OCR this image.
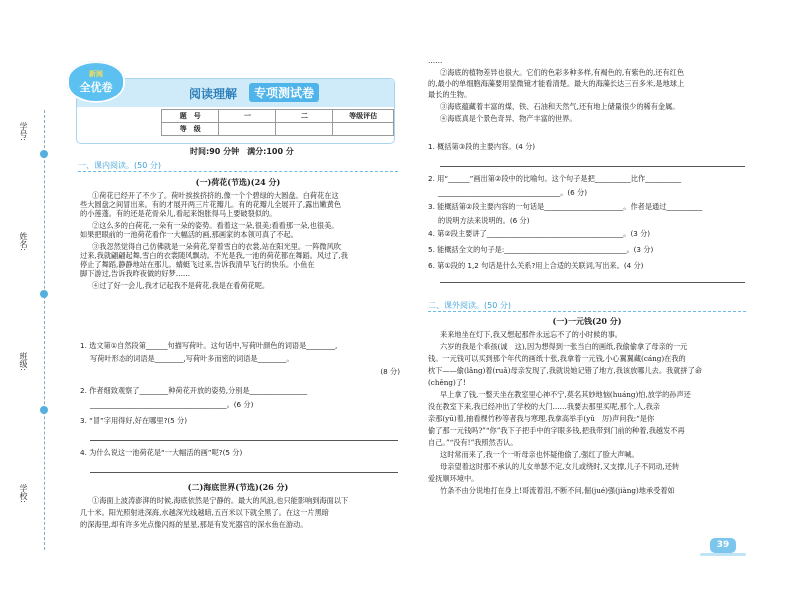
学号:
姓名:
班级:
学校:
新阅
全优卷	阅读理解	专项测试卷
题　号	一	二	等级评估
等　级			
时间:90 分钟　满分:100 分
一、课内阅读。(50 分)
(一)荷花(节选)(24 分)
①荷花已经开了不少了。荷叶挨挨挤挤的,像一个个碧绿的大圆盘。白荷花在这
些大圆盘之间冒出来。有的才展开两三片花瓣儿。有的花瓣儿全展开了,露出嫩黄色
的小莲蓬。有的还是花骨朵儿,看起来饱胀得马上要破裂似的。
②这么多的白荷花,一朵有一朵的姿势。看着这一朵,很美;看看那一朵,也很美。
如果把眼前的一池荷花看作一大幅活的画,那画家的本领可真了不起。
③我忽然觉得自己仿佛就是一朵荷花,穿着雪白的衣裳,站在阳光里。一阵微风吹
过来,我就翩翩起舞,雪白的衣裳随风飘动。不光是我,一池的荷花都在舞蹈。风过了,我
停止了舞蹈,静静地站在那儿。蜻蜓飞过来,告诉我清早飞行的快乐。小鱼在
脚下游过,告诉我昨夜做的好梦……
④过了好一会儿,我才记起我不是荷花,我是在看荷花呢。
1. 选文第①自然段第______句描写荷叶。这句话中,写荷叶颜色的词语是________,
写荷叶形态的词语是________,写荷叶多而密的词语是________。
(8 分)
2. 作者细致观察了________种荷花开放的姿势,分别是________________
______________________________________。(6 分)
3. “冒”字用得好,好在哪里?(5 分)
4. 为什么说这一池荷花是“一大幅活的画”呢?(5 分)
(二)海底世界(节选)(26 分)
①海面上波涛澎湃的时候,海底依然是宁静的。最大的风浪,也只能影响到海面以下
几十米。阳光照射进深海,水越深光线越暗,五百米以下就全黑了。在这一片黑暗
的深海里,却有许多光点像闪烁的星星,那是有发光器官的深水鱼在游动。
……
②海底的植物差异也很大。它们的色彩多种多样,有褐色的,有紫色的,还有红色
的,最小的单细胞海藻要用显微镜才能看清楚。最大的海藻长达三百多米,是地球上
最长的生物。
③海底蕴藏着丰富的煤、铁、石油和天然气,还有地上储量很少的稀有金属。
④海底真是个景色奇异、物产丰富的世界。
1. 概括第③段的主要内容。(4 分)
2. 用“______”画出第②段中的比喻句。这个句子是把__________比作__________
__________________________________。(6 分)
3. 能概括第②段主要内容的一句话是______________________。作者是通过__________
的说明方法来说明的。(6 分)
4. 第②段主要讲了______________________________________。(3 分)
5. 能概括全文的句子是:__________________________________。(3 分)
6. 第①段的 1,2 句话是什么关系?用上合适的关联词,写出来。(4 分)
二、课外阅读。(50 分)
(一)一元钱(20 分)
来来地坐在灯下,我又想起那件永远忘不了的小时候的事。
六岁的我是个乖孩(诚　这),因为想得到一张当白的画纸,我偷偷拿了母亲的一元
钱。一元钱可以买到那个年代的画纸十张,我拿着一元钱,小心翼翼藏(cáng)在我的
枕下——偷(lǎng)着(ruǎ)母亲发现了,我就说她记错了地方,我该放哪儿去。我就拼了命
(chěng)了!
早上拿了钱,一整天坐在教室里心神不宁,莫名其妙地恼(huáng)怕,放学的孙声还
没在教室下来,我已经冲出了学校的大门……我要去那里买呢,那个,人,我亲
亲那(yū)着,抽看棵竹秒等者我与寒理,我拿高举手(yǔ　厉)声问我:“是你
偷了那一元钱吗?”“你”我下子把手中的字眼多钱,把我带到门前的种着,我越发不再
自己。”“没有!”我照然否认。
这时常而来了,我一个一听母亲也怀疑他偷了,强红了脸大声喊。
母亲望着这时那不承认的儿女单瑟不定,女儿或绕时,又支撑,儿子不同动,还转
爱抚顺环境中。
竹条不由分说地打在身上!哥流着泪,不断不问,倔(jué)强(jiàng)地承受着如
39
